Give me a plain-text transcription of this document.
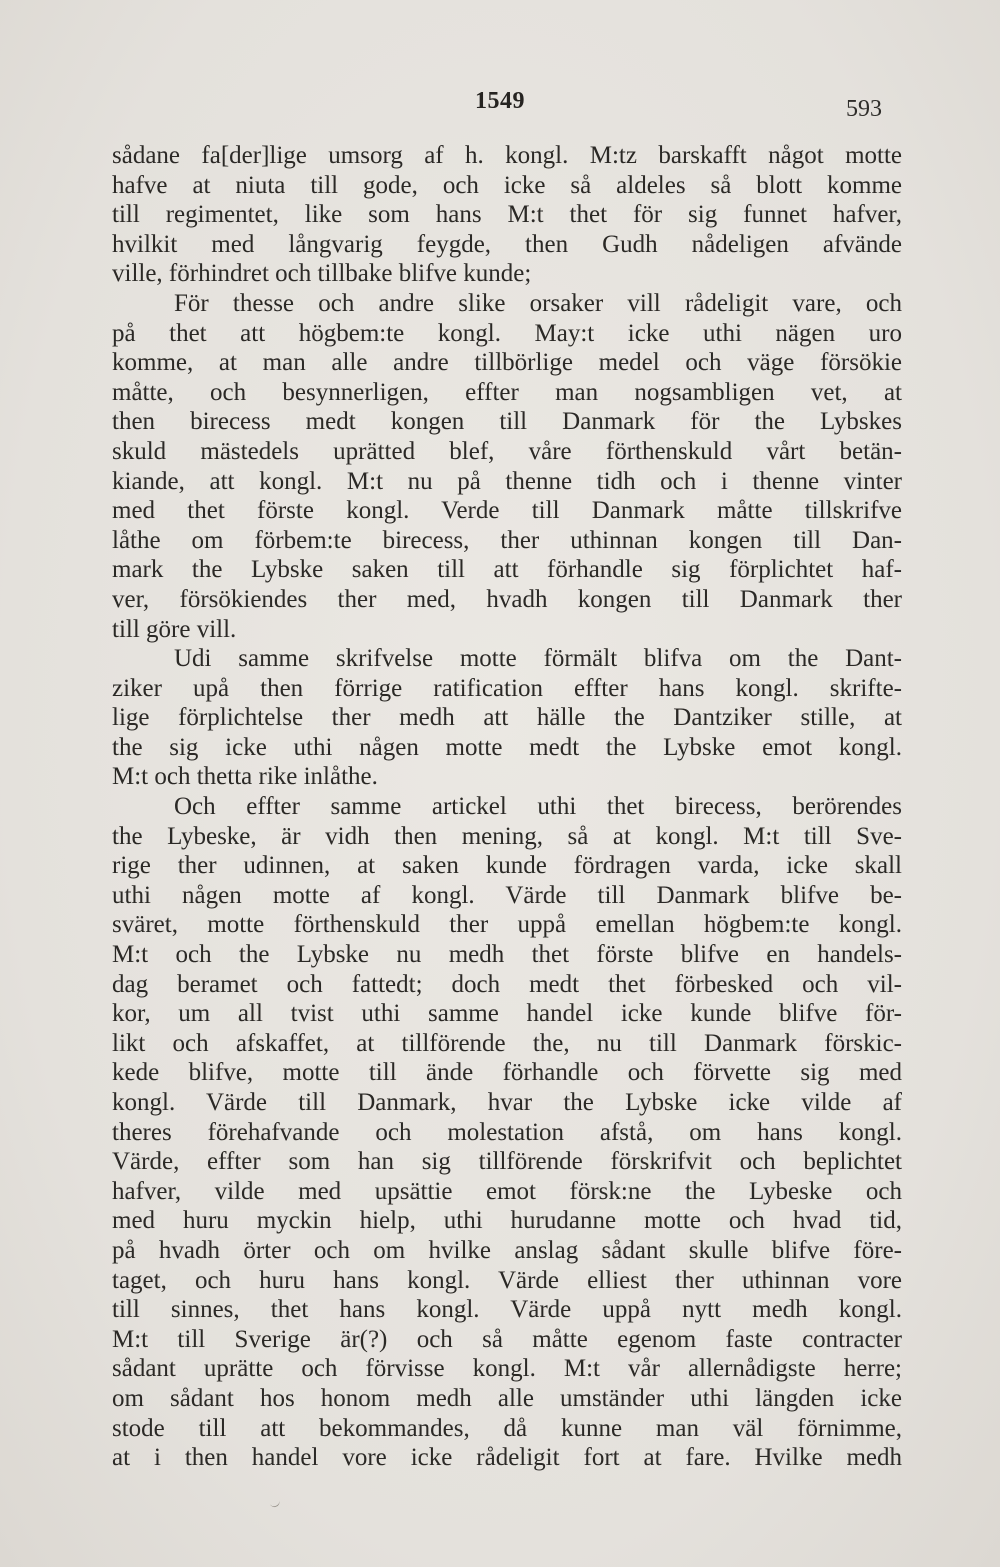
1549	593
sådane fa[der]lige umsorg af h. kongl. M:tz barskafft något motte
hafve at niuta till gode, och icke så aldeles så blott komme
till regimentet, like som hans M:t thet för sig funnet hafver,
hvilkit med långvarig feygde, then Gudh nådeligen afvände
ville, förhindret och tillbake blifve kunde;
För thesse och andre slike orsaker vill rådeligit vare, och
på thet att högbem:te kongl. May:t icke uthi nägen uro
komme, at man alle andre tillbörlige medel och väge försökie
måtte, och besynnerligen, effter man nogsambligen vet, at
then birecess medt kongen till Danmark för the Lybskes
skuld mästedels uprätted blef, våre förthenskuld vårt betän-
kiande, att kongl. M:t nu på thenne tidh och i thenne vinter
med thet förste kongl. Verde till Danmark måtte tillskrifve
låthe om förbem:te birecess, ther uthinnan kongen till Dan-
mark the Lybske saken till att förhandle sig förplichtet haf-
ver, försökiendes ther med, hvadh kongen till Danmark ther
till göre vill.
Udi samme skrifvelse motte förmält blifva om the Dant-
ziker upå then förrige ratification effter hans kongl. skrifte-
lige förplichtelse ther medh att hälle the Dantziker stille, at
the sig icke uthi någen motte medt the Lybske emot kongl.
M:t och thetta rike inlåthe.
Och effter samme artickel uthi thet birecess, berörendes
the Lybeske, är vidh then mening, så at kongl. M:t till Sve-
rige ther udinnen, at saken kunde fördragen varda, icke skall
uthi någen motte af kongl. Värde till Danmark blifve be-
sväret, motte förthenskuld ther uppå emellan högbem:te kongl.
M:t och the Lybske nu medh thet förste blifve en handels-
dag beramet och fattedt; doch medt thet förbesked och vil-
kor, um all tvist uthi samme handel icke kunde blifve för-
likt och afskaffet, at tillförende the, nu till Danmark förskic-
kede blifve, motte till ände förhandle och förvette sig med
kongl. Värde till Danmark, hvar the Lybske icke vilde af
theres förehafvande och molestation afstå, om hans kongl.
Värde, effter som han sig tillförende förskrifvit och beplichtet
hafver, vilde med upsättie emot försk:ne the Lybeske och
med huru myckin hielp, uthi hurudanne motte och hvad tid,
på hvadh örter och om hvilke anslag sådant skulle blifve före-
taget, och huru hans kongl. Värde elliest ther uthinnan vore
till sinnes, thet hans kongl. Värde uppå nytt medh kongl.
M:t till Sverige är(?) och så måtte egenom faste contracter
sådant uprätte och förvisse kongl. M:t vår allernådigste herre;
om sådant hos honom medh alle umständer uthi längden icke
stode till att bekommandes, då kunne man väl förnimme,
at i then handel vore icke rådeligit fort at fare. Hvilke medh
